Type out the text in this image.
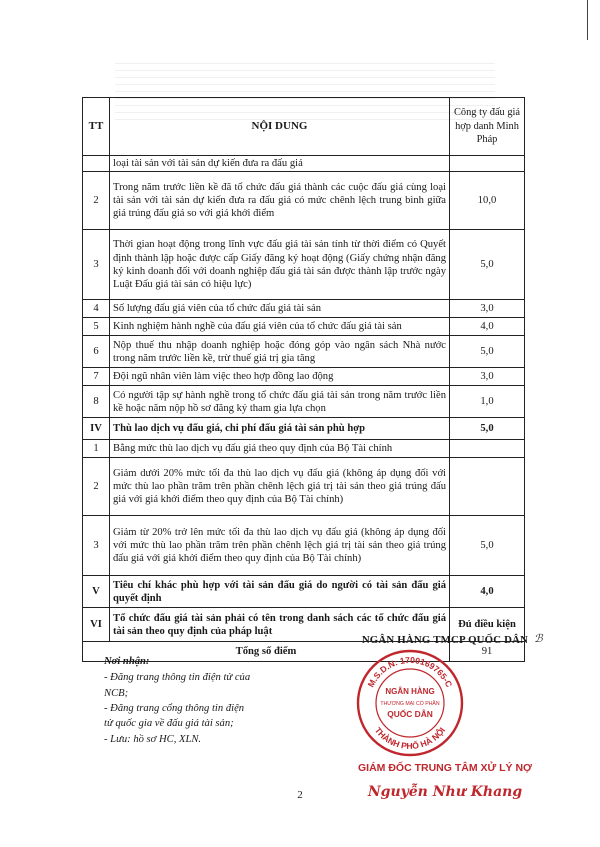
TT	NỘI DUNG	Công ty đấu giá hợp danh Minh Pháp
	loại tài sản với tài sản dự kiến đưa ra đấu giá	
2	Trong năm trước liền kề đã tổ chức đấu giá thành các cuộc đấu giá cùng loại tài sản với tài sản dự kiến đưa ra đấu giá có mức chênh lệch trung bình giữa giá trúng đấu giá so với giá khởi điểm	10,0
3	Thời gian hoạt động trong lĩnh vực đấu giá tài sản tính từ thời điểm có Quyết định thành lập hoặc được cấp Giấy đăng ký hoạt động (Giấy chứng nhận đăng ký kinh doanh đối với doanh nghiệp đấu giá tài sản được thành lập trước ngày Luật Đấu giá tài sản có hiệu lực)	5,0
4	Số lượng đấu giá viên của tổ chức đấu giá tài sản	3,0
5	Kinh nghiệm hành nghề của đấu giá viên của tổ chức đấu giá tài sản	4,0
6	Nộp thuế thu nhập doanh nghiệp hoặc đóng góp vào ngân sách Nhà nước trong năm trước liền kề, trừ thuế giá trị gia tăng	5,0
7	Đội ngũ nhân viên làm việc theo hợp đồng lao động	3,0
8	Có người tập sự hành nghề trong tổ chức đấu giá tài sản trong năm trước liền kề hoặc năm nộp hồ sơ đăng ký tham gia lựa chọn	1,0
IV	Thù lao dịch vụ đấu giá, chi phí đấu giá tài sản phù hợp	5,0
1	Bằng mức thù lao dịch vụ đấu giá theo quy định của Bộ Tài chính	
2	Giảm dưới 20% mức tối đa thù lao dịch vụ đấu giá (không áp dụng đối với mức thù lao phần trăm trên phần chênh lệch giá trị tài sản theo giá trúng đấu giá với giá khởi điểm theo quy định của Bộ Tài chính)	
3	Giảm từ 20% trở lên mức tối đa thù lao dịch vụ đấu giá (không áp dụng đối với mức thù lao phần trăm trên phần chênh lệch giá trị tài sản theo giá trúng đấu giá với giá khởi điểm theo quy định của Bộ Tài chính)	5,0
V	Tiêu chí khác phù hợp với tài sản đấu giá do người có tài sản đấu giá quyết định	4,0
VI	Tổ chức đấu giá tài sản phải có tên trong danh sách các tổ chức đấu giá tài sản theo quy định của pháp luật	Đủ điều kiện
Tổng số điểm		91
Nơi nhận:
- Đăng trang thông tin điện tử của NCB;
- Đăng trang cổng thông tin điện tử quốc gia về đấu giá tài sản;
- Lưu: hồ sơ HC, XLN.
NGÂN HÀNG TMCP QUỐC DÂN ℬ
M.S.D.N: 1700169765-C
THÀNH PHỐ HÀ NỘI
NGÂN HÀNG
THƯƠNG MẠI CỔ PHẦN
QUỐC DÂN
GIÁM ĐỐC TRUNG TÂM XỬ LÝ NỢ
Nguyễn Như Khang
2
